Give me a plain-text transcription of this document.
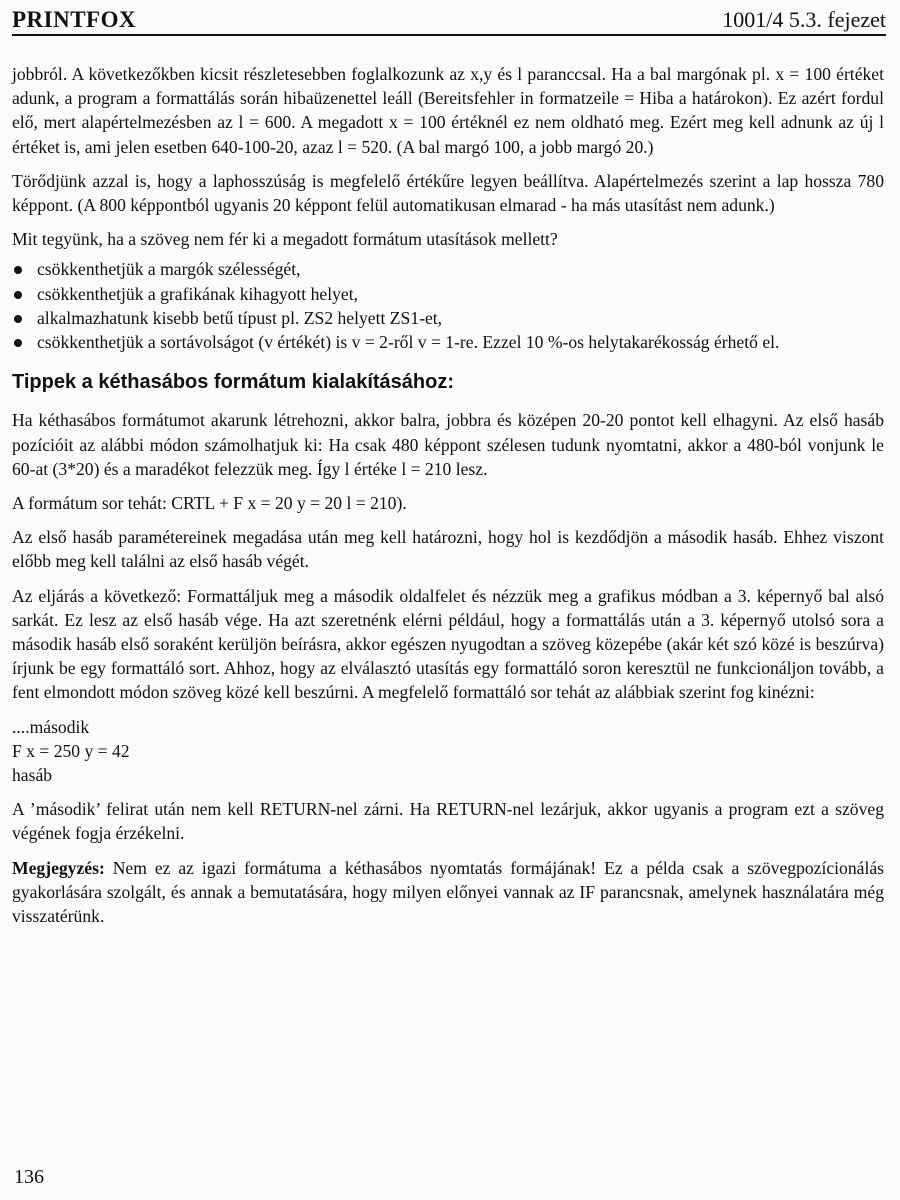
PRINTFOX	1001/4 5.3. fejezet

jobbról. A következőkben kicsit részletesebben foglalkozunk az x,y és l paranccsal. Ha a bal margónak pl. x = 100 értéket adunk, a program a formattálás során hibaüzenettel leáll (Bereitsfehler in formatzeile = Hiba a határokon). Ez azért fordul elő, mert alapértelmezésben az l = 600. A megadott x = 100 értéknél ez nem oldható meg. Ezért meg kell adnunk az új l értéket is, ami jelen esetben 640-100-20, azaz l = 520. (A bal margó 100, a jobb margó 20.)

Törődjünk azzal is, hogy a laphosszúság is megfelelő értékűre legyen beállítva. Alapértelmezés szerint a lap hossza 780 képpont. (A 800 képpontból ugyanis 20 képpont felül automatikusan elmarad - ha más utasítást nem adunk.)

Mit tegyünk, ha a szöveg nem fér ki a megadott formátum utasítások mellett?

csökkenthetjük a margók szélességét,
csökkenthetjük a grafikának kihagyott helyet,
alkalmazhatunk kisebb betű típust pl. ZS2 helyett ZS1-et,
csökkenthetjük a sortávolságot (v értékét) is v = 2-ről v = 1-re. Ezzel 10 %-os helytakarékosság érhető el.
Tippek a kéthasábos formátum kialakításához:

Ha kéthasábos formátumot akarunk létrehozni, akkor balra, jobbra és középen 20-20 pontot kell elhagyni. Az első hasáb pozícióit az alábbi módon számolhatjuk ki: Ha csak 480 képpont szélesen tudunk nyomtatni, akkor a 480-ból vonjunk le 60-at (3*20) és a maradékot felezzük meg. Így l értéke l = 210 lesz.

A formátum sor tehát: CRTL + F x = 20 y = 20 l = 210).

Az első hasáb paramétereinek megadása után meg kell határozni, hogy hol is kezdődjön a második hasáb. Ehhez viszont előbb meg kell találni az első hasáb végét.

Az eljárás a következő: Formattáljuk meg a második oldalfelet és nézzük meg a grafikus módban a 3. képernyő bal alsó sarkát. Ez lesz az első hasáb vége. Ha azt szeretnénk elérni például, hogy a formattálás után a 3. képernyő utolsó sora a második hasáb első soraként kerüljön beírásra, akkor egészen nyugodtan a szöveg közepébe (akár két szó közé is beszúrva) írjunk be egy formattáló sort. Ahhoz, hogy az elválasztó utasítás egy formattáló soron keresztül ne funkcionáljon tovább, a fent elmondott módon szöveg közé kell beszúrni. A megfelelő formattáló sor tehát az alábbiak szerint fog kinézni:

....második
F x = 250 y = 42
hasáb

A ’második’ felirat után nem kell RETURN-nel zárni. Ha RETURN-nel lezárjuk, akkor ugyanis a program ezt a szöveg végének fogja érzékelni.

Megjegyzés: Nem ez az igazi formátuma a kéthasábos nyomtatás formájának! Ez a példa csak a szövegpozícionálás gyakorlására szolgált, és annak a bemutatására, hogy milyen előnyei vannak az IF parancsnak, amelynek használatára még visszatérünk.

136
